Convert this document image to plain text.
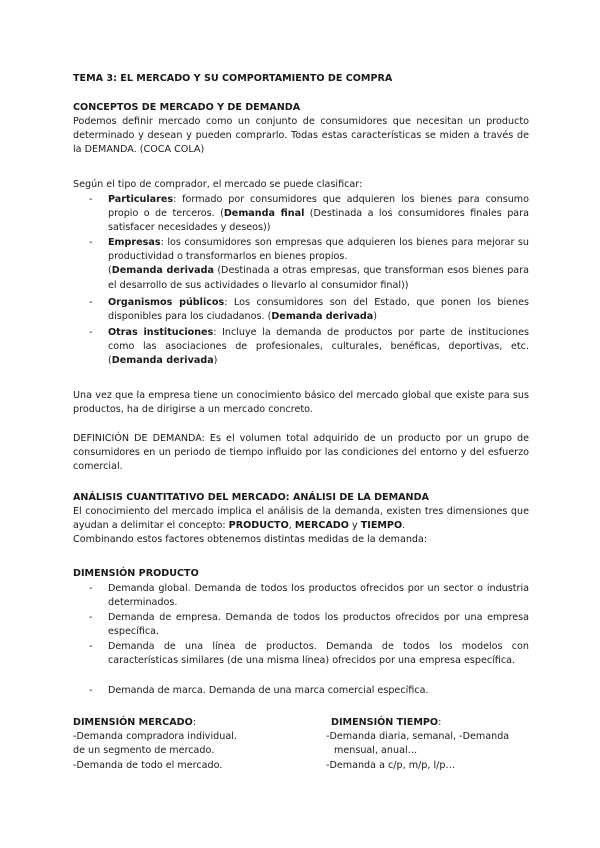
TEMA 3: EL MERCADO Y SU COMPORTAMIENTO DE COMPRA
CONCEPTOS DE MERCADO Y DE DEMANDA

Podemos definir mercado como un conjunto de consumidores que necesitan un producto determinado y desean y pueden comprarlo. Todas estas características se miden a través de la DEMANDA. (COCA COLA)

Según el tipo de comprador, el mercado se puede clasificar:

- Particulares: formado por consumidores que adquieren los bienes para consumo propio o de terceros. (Demanda final (Destinada a los consumidores finales para satisfacer necesidades y deseos))
- Empresas: los consumidores son empresas que adquieren los bienes para mejorar su productividad o transformarlos en bienes propios.
(Demanda derivada (Destinada a otras empresas, que transforman esos bienes para el desarrollo de sus actividades o llevarlo al consumidor final))
- Organismos públicos: Los consumidores son del Estado, que ponen los bienes disponibles para los ciudadanos. (Demanda derivada)
- Otras instituciones: Incluye la demanda de productos por parte de instituciones como las asociaciones de profesionales, culturales, benéficas, deportivas, etc. (Demanda derivada)

Una vez que la empresa tiene un conocimiento básico del mercado global que existe para sus productos, ha de dirigirse a un mercado concreto.

DEFINICIÓN DE DEMANDA: Es el volumen total adquirido de un producto por un grupo de consumidores en un periodo de tiempo influido por las condiciones del entorno y del esfuerzo comercial.

ANÁLISIS CUANTITATIVO DEL MERCADO: ANÁLISI DE LA DEMANDA

El conocimiento del mercado implica el análisis de la demanda, existen tres dimensiones que ayudan a delimitar el concepto: PRODUCTO, MERCADO y TIEMPO.
Combinando estos factores obtenemos distintas medidas de la demanda:

DIMENSIÓN PRODUCTO
- Demanda global. Demanda de todos los productos ofrecidos por un sector o industria determinados.
- Demanda de empresa. Demanda de todos los productos ofrecidos por una empresa específica.
- Demanda de una línea de productos. Demanda de todos los modelos con características similares (de una misma línea) ofrecidos por una empresa específica.
- Demanda de marca. Demanda de una marca comercial específica.
DIMENSIÓN MERCADO:
-Demanda compradora individual.
de un segmento de mercado.
-Demanda de todo el mercado.
DIMENSIÓN TIEMPO:
-Demanda diaria, semanal, -Demanda
mensual, anual…
-Demanda a c/p, m/p, l/p…
